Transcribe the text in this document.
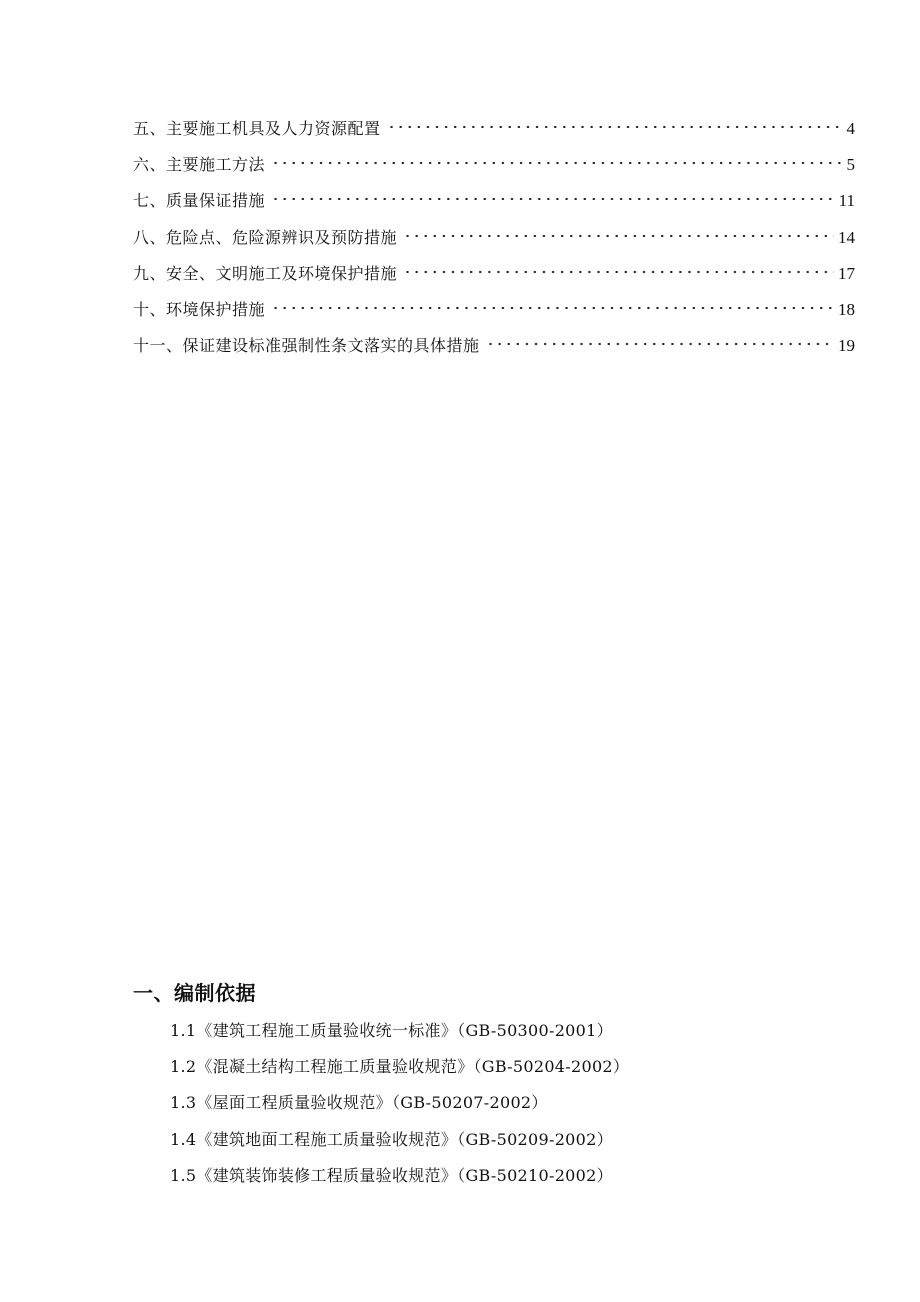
五、主要施工机具及人力资源配置	4
六、主要施工方法	5
七、质量保证措施	11
八、危险点、危险源辨识及预防措施	14
九、安全、文明施工及环境保护措施	17
十、环境保护措施	18
十一、保证建设标准强制性条文落实的具体措施	19
一、编制依据
1.1《建筑工程施工质量验收统一标准》（GB-50300-2001）
1.2《混凝土结构工程施工质量验收规范》（GB-50204-2002）
1.3《屋面工程质量验收规范》（GB-50207-2002）
1.4《建筑地面工程施工质量验收规范》（GB-50209-2002）
1.5《建筑装饰装修工程质量验收规范》（GB-50210-2002）
